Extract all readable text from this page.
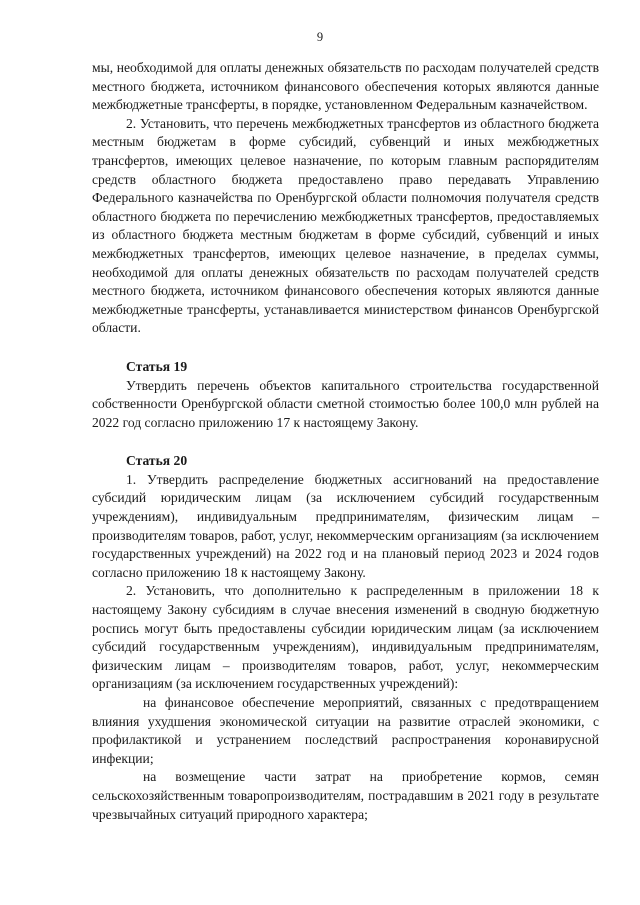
9

мы, необходимой для оплаты денежных обязательств по расходам получателей средств местного бюджета, источником финансового обеспечения которых являются данные межбюджетные трансферты, в порядке, установленном Федеральным казначейством.

2. Установить, что перечень межбюджетных трансфертов из областного бюджета местным бюджетам в форме субсидий, субвенций и иных межбюджетных трансфертов, имеющих целевое назначение, по которым главным распорядителям средств областного бюджета предоставлено право передавать Управлению Федерального казначейства по Оренбургской области полномочия получателя средств областного бюджета по перечислению межбюджетных трансфертов, предоставляемых из областного бюджета местным бюджетам в форме субсидий, субвенций и иных межбюджетных трансфертов, имеющих целевое назначение, в пределах суммы, необходимой для оплаты денежных обязательств по расходам получателей средств местного бюджета, источником финансового обеспечения которых являются данные межбюджетные трансферты, устанавливается министерством финансов Оренбургской области.

Статья 19

Утвердить перечень объектов капитального строительства государственной собственности Оренбургской области сметной стоимостью более 100,0 млн рублей на 2022 год согласно приложению 17 к настоящему Закону.

Статья 20

1. Утвердить распределение бюджетных ассигнований на предоставление субсидий юридическим лицам (за исключением субсидий государственным учреждениям), индивидуальным предпринимателям, физическим лицам – производителям товаров, работ, услуг, некоммерческим организациям (за исключением государственных учреждений) на 2022 год и на плановый период 2023 и 2024 годов согласно приложению 18 к настоящему Закону.

2. Установить, что дополнительно к распределенным в приложении 18 к настоящему Закону субсидиям в случае внесения изменений в сводную бюджетную роспись могут быть предоставлены субсидии юридическим лицам (за исключением субсидий государственным учреждениям), индивидуальным предпринимателям, физическим лицам – производителям товаров, работ, услуг, некоммерческим организациям (за исключением государственных учреждений):

на финансовое обеспечение мероприятий, связанных с предотвращением влияния ухудшения экономической ситуации на развитие отраслей экономики, с профилактикой и устранением последствий распространения коронавирусной инфекции;

на возмещение части затрат на приобретение кормов, семян сельскохозяйственным товаропроизводителям, пострадавшим в 2021 году в результате чрезвычайных ситуаций природного характера;
